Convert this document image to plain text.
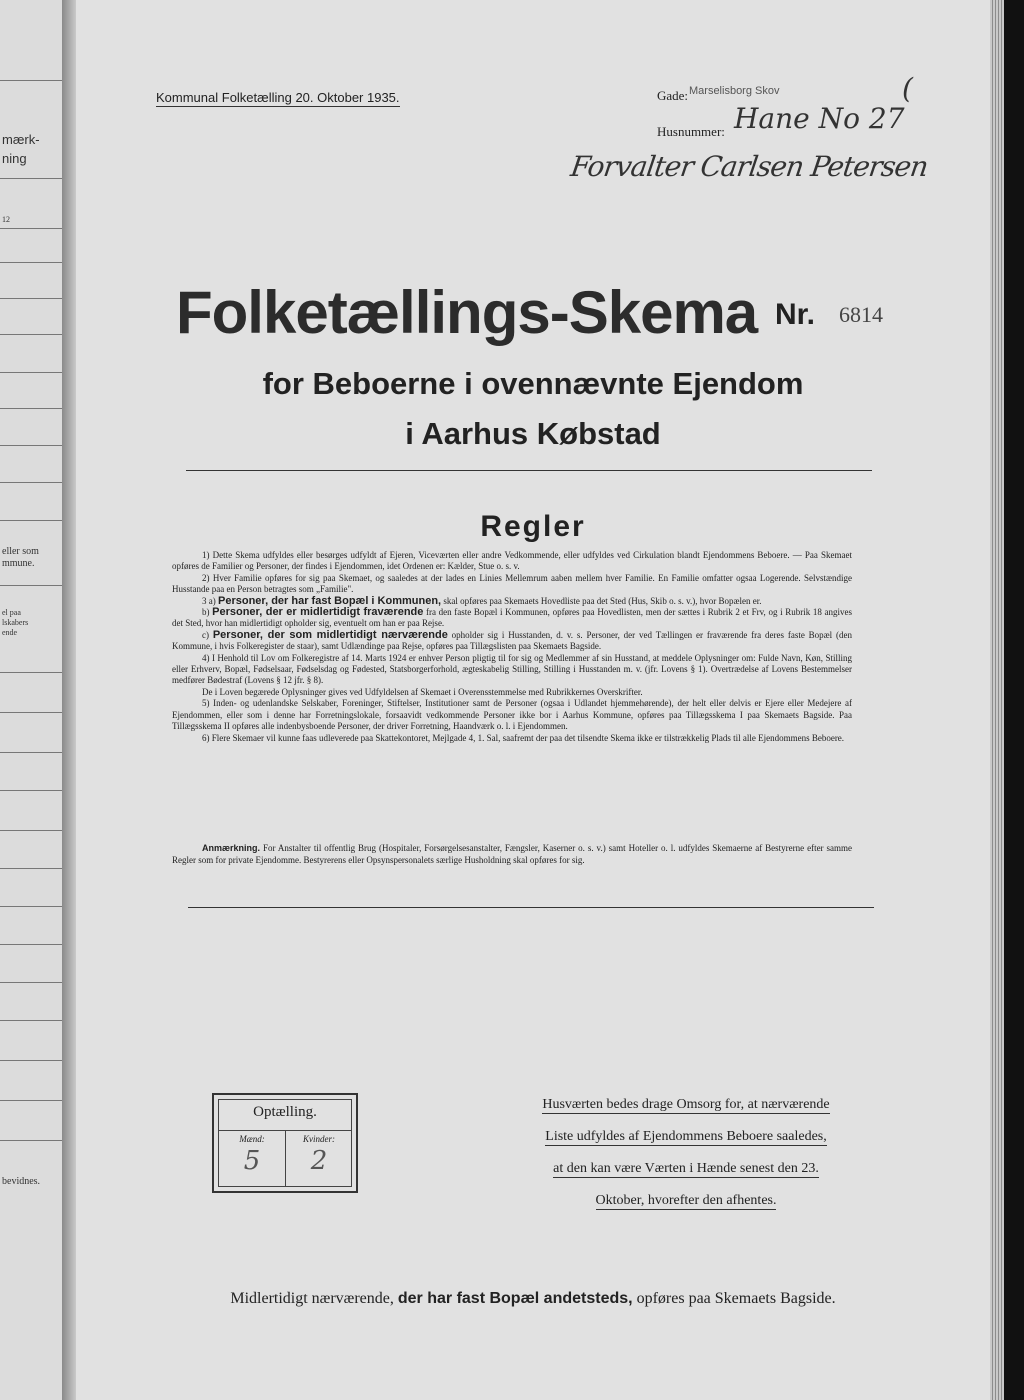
mærk-
ning
12
eller som
mmune.
el paa
lskabers
ende
bevidnes.
Kommunal Folketælling 20. Oktober 1935.	Gade: Marselisborg Skov
Husnummer: Hane No 27
Forvalter Carlsen Petersen
(
Folketællings-Skema Nr. 6814
for Beboerne i ovennævnte Ejendom
i Aarhus Købstad
Regler

1) Dette Skema udfyldes eller besørges udfyldt af Ejeren, Viceværten eller andre Vedkommende, eller udfyldes ved Cirkulation blandt Ejendommens Beboere. — Paa Skemaet opføres de Familier og Personer, der findes i Ejendommen, idet Ordenen er: Kælder, Stue o. s. v.

2) Hver Familie opføres for sig paa Skemaet, og saaledes at der lades en Linies Mellemrum aaben mellem hver Familie. En Familie omfatter ogsaa Logerende. Selvstændige Husstande paa en Person betragtes som „Familie".

3 a) Personer, der har fast Bopæl i Kommunen, skal opføres paa Skemaets Hovedliste paa det Sted (Hus, Skib o. s. v.), hvor Bopælen er.

b) Personer, der er midlertidigt fraværende fra den faste Bopæl i Kommunen, opføres paa Hovedlisten, men der sættes i Rubrik 2 et Frv, og i Rubrik 18 angives det Sted, hvor han midlertidigt opholder sig, eventuelt om han er paa Rejse.

c) Personer, der som midlertidigt nærværende opholder sig i Husstanden, d. v. s. Personer, der ved Tællingen er fraværende fra deres faste Bopæl (den Kommune, i hvis Folkeregister de staar), samt Udlændinge paa Rejse, opføres paa Tillægslisten paa Skemaets Bagside.

4) I Henhold til Lov om Folkeregistre af 14. Marts 1924 er enhver Person pligtig til for sig og Medlemmer af sin Husstand, at meddele Oplysninger om: Fulde Navn, Køn, Stilling eller Erhverv, Bopæl, Fødselsaar, Fødselsdag og Fødested, Statsborgerforhold, ægteskabelig Stilling, Stilling i Husstanden m. v. (jfr. Lovens § 1). Overtrædelse af Lovens Bestemmelser medfører Bødestraf (Lovens § 12 jfr. § 8).

De i Loven begærede Oplysninger gives ved Udfyldelsen af Skemaet i Overensstemmelse med Rubrikkernes Overskrifter.

5) Inden- og udenlandske Selskaber, Foreninger, Stiftelser, Institutioner samt de Personer (ogsaa i Udlandet hjemmehørende), der helt eller delvis er Ejere eller Medejere af Ejendommen, eller som i denne har Forretningslokale, forsaavidt vedkommende Personer ikke bor i Aarhus Kommune, opføres paa Tillægsskema I paa Skemaets Bagside. Paa Tillægsskema II opføres alle indenbysboende Personer, der driver Forretning, Haandværk o. l. i Ejendommen.

6) Flere Skemaer vil kunne faas udleverede paa Skattekontoret, Mejlgade 4, 1. Sal, saafremt der paa det tilsendte Skema ikke er tilstrækkelig Plads til alle Ejendommens Beboere.

Anmærkning. For Anstalter til offentlig Brug (Hospitaler, Forsørgelsesanstalter, Fængsler, Kaserner o. s. v.) samt Hoteller o. l. udfyldes Skemaerne af Bestyrerne efter samme Regler som for private Ejendomme. Bestyrerens eller Opsynspersonalets særlige Husholdning skal opføres for sig.
Optælling.
Mænd:	Kvinder:
5	2
Husværten bedes drage Omsorg for, at nærværende
Liste udfyldes af Ejendommens Beboere saaledes,
at den kan være Værten i Hænde senest den 23.
Oktober, hvorefter den afhentes.
Midlertidigt nærværende, der har fast Bopæl andetsteds, opføres paa Skemaets Bagside.
